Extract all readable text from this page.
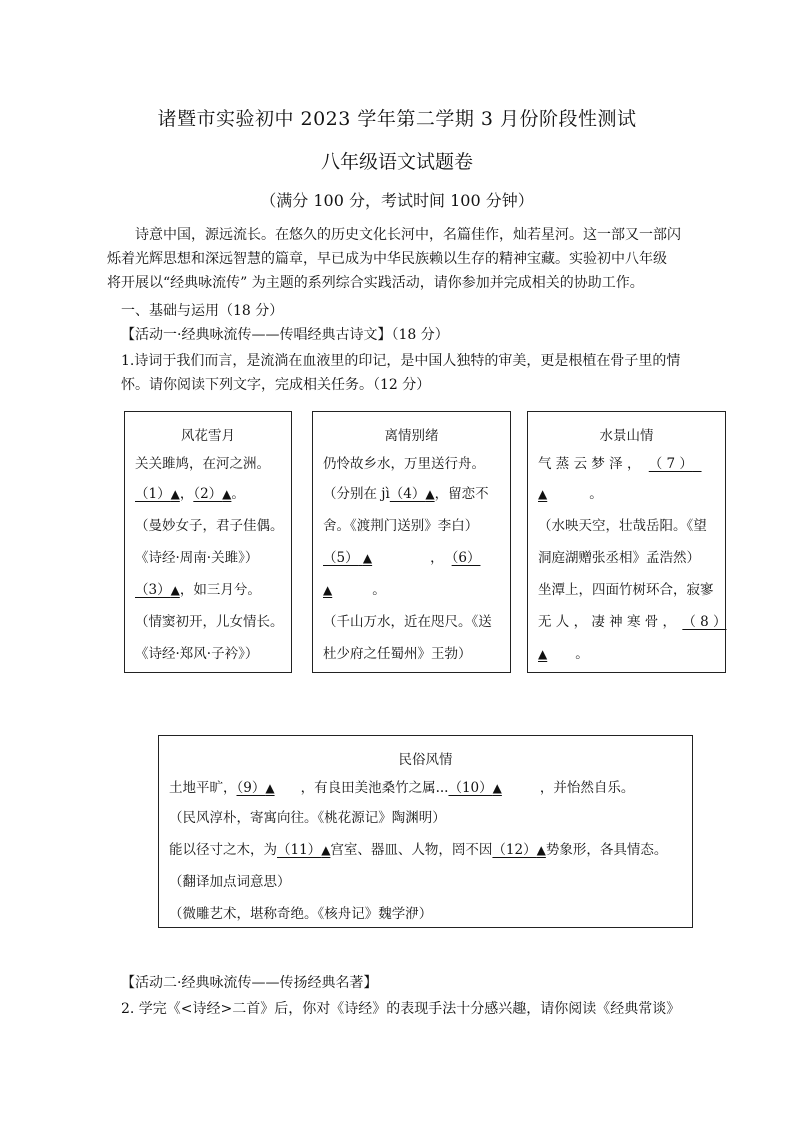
诸暨市实验初中 2023 学年第二学期 3 月份阶段性测试
八年级语文试题卷
（满分 100 分，考试时间 100 分钟）
诗意中国，源远流长。在悠久的历史文化长河中，名篇佳作，灿若星河。这一部又一部闪
烁着光辉思想和深远智慧的篇章，早已成为中华民族赖以生存的精神宝藏。实验初中八年级
将开展以“经典咏流传” 为主题的系列综合实践活动，请你参加并完成相关的协助工作。
一、基础与运用（18 分）
【活动一·经典咏流传——传唱经典古诗文】（18 分）
1.诗词于我们而言，是流淌在血液里的印记，是中国人独特的审美，更是根植在骨子里的情
怀。请你阅读下列文字，完成相关任务。（12 分）
风花雪月
关关雎鸠，在河之洲。
（1）▲，（2）▲。
（曼妙女子，君子佳偶。
《诗经·周南·关雎》）
（3）▲，如三月兮。
（情窦初开，儿女情长。
《诗经·郑风·子衿》）
离情别绪
仍怜故乡水，万里送行舟。
（分别在 jì（4）▲，留恋不
舍。《渡荆门送别》李白）
（5） ▲	， （6）
▲	。
（千山万水，近在咫尺。《送
杜少府之任蜀州》王勃）
水景山情
气 蒸 云 梦 泽 ， （ 7 ）
▲	。
（水映天空，壮哉岳阳。《望
洞庭湖赠张丞相》孟浩然）
坐潭上，四面竹树环合，寂寥
无 人 ， 凄 神 寒 骨 ， （ 8 ）
▲ 。
民俗风情
土地平旷，（9）▲ ，有良田美池桑竹之属...（10）▲	，并怡然自乐。
（民风淳朴，寄寓向往。《桃花源记》陶渊明）
能以径寸之木，为（11）▲宫室、器皿、人物，罔不因（12）▲势象形，各具情态。
（翻译加点词意思）
（微雕艺术，堪称奇绝。《核舟记》魏学洢）
【活动二·经典咏流传——传扬经典名著】
2. 学完《<诗经>二首》后，你对《诗经》的表现手法十分感兴趣，请你阅读《经典常谈》
